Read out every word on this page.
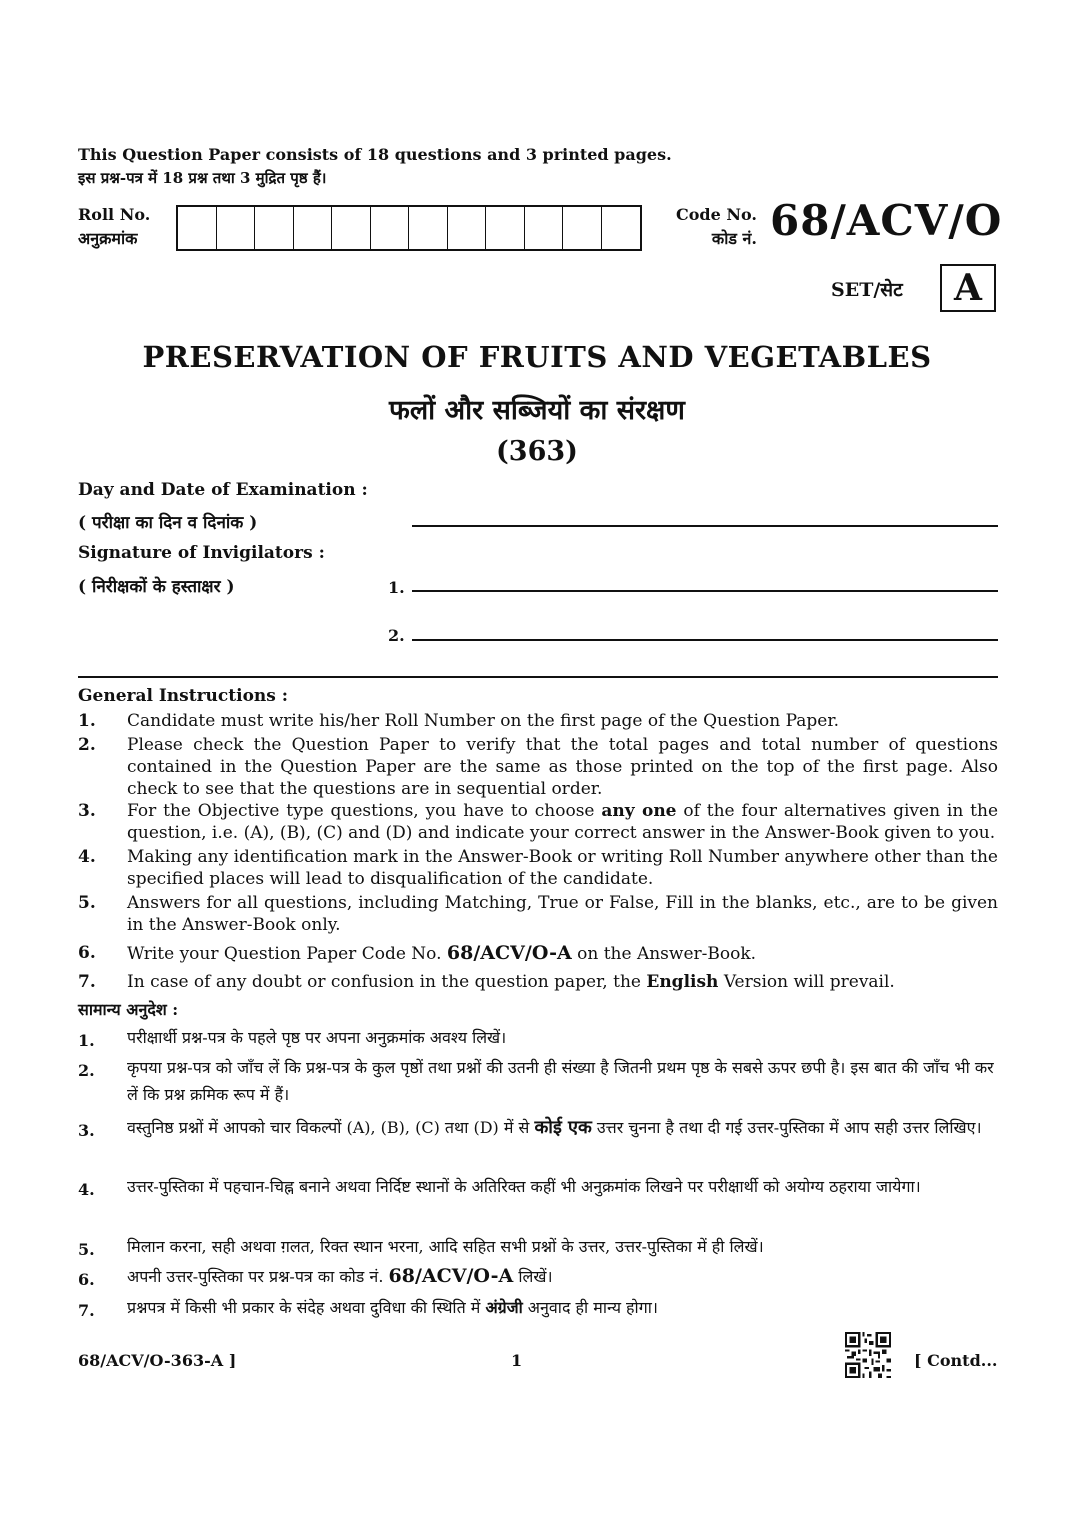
This Question Paper consists of 18 questions and 3 printed pages.
इस प्रश्न-पत्र में 18 प्रश्न तथा 3 मुद्रित पृष्ठ हैं।
Roll No.
अनुक्रमांक
Code No.
कोड नं. 68/ACV/O
SET/सेट	A
PRESERVATION OF FRUITS AND VEGETABLES
फलों और सब्जियों का संरक्षण
(363)
Day and Date of Examination :
( परीक्षा का दिन व दिनांक )
Signature of Invigilators :
( निरीक्षकों के हस्ताक्षर )	1.
2.
General Instructions :
1. Candidate must write his/her Roll Number on the first page of the Question Paper.
2. Please check the Question Paper to verify that the total pages and total number of questions contained in the Question Paper are the same as those printed on the top of the first page. Also check to see that the questions are in sequential order.
3. For the Objective type questions, you have to choose any one of the four alternatives given in the question, i.e. (A), (B), (C) and (D) and indicate your correct answer in the Answer-Book given to you.
4. Making any identification mark in the Answer-Book or writing Roll Number anywhere other than the specified places will lead to disqualification of the candidate.
5. Answers for all questions, including Matching, True or False, Fill in the blanks, etc., are to be given in the Answer-Book only.
6. Write your Question Paper Code No. 68/ACV/O-A on the Answer-Book.
7. In case of any doubt or confusion in the question paper, the English Version will prevail.
सामान्य अनुदेश :
1. परीक्षार्थी प्रश्न-पत्र के पहले पृष्ठ पर अपना अनुक्रमांक अवश्य लिखें।
2. कृपया प्रश्न-पत्र को जाँच लें कि प्रश्न-पत्र के कुल पृष्ठों तथा प्रश्नों की उतनी ही संख्या है जितनी प्रथम पृष्ठ के सबसे ऊपर छपी है। इस बात की जाँच भी कर लें कि प्रश्न क्रमिक रूप में हैं।
3. वस्तुनिष्ठ प्रश्नों में आपको चार विकल्पों (A), (B), (C) तथा (D) में से कोई एक उत्तर चुनना है तथा दी गई उत्तर-पुस्तिका में आप सही उत्तर लिखिए।
4. उत्तर-पुस्तिका में पहचान-चिह्न बनाने अथवा निर्दिष्ट स्थानों के अतिरिक्त कहीं भी अनुक्रमांक लिखने पर परीक्षार्थी को अयोग्य ठहराया जायेगा।
5. मिलान करना, सही अथवा ग़लत, रिक्त स्थान भरना, आदि सहित सभी प्रश्नों के उत्तर, उत्तर-पुस्तिका में ही लिखें।
6. अपनी उत्तर-पुस्तिका पर प्रश्न-पत्र का कोड नं. 68/ACV/O-A लिखें।
7. प्रश्नपत्र में किसी भी प्रकार के संदेह अथवा दुविधा की स्थिति में अंग्रेजी अनुवाद ही मान्य होगा।
68/ACV/O-363-A ]	1	[ Contd...
